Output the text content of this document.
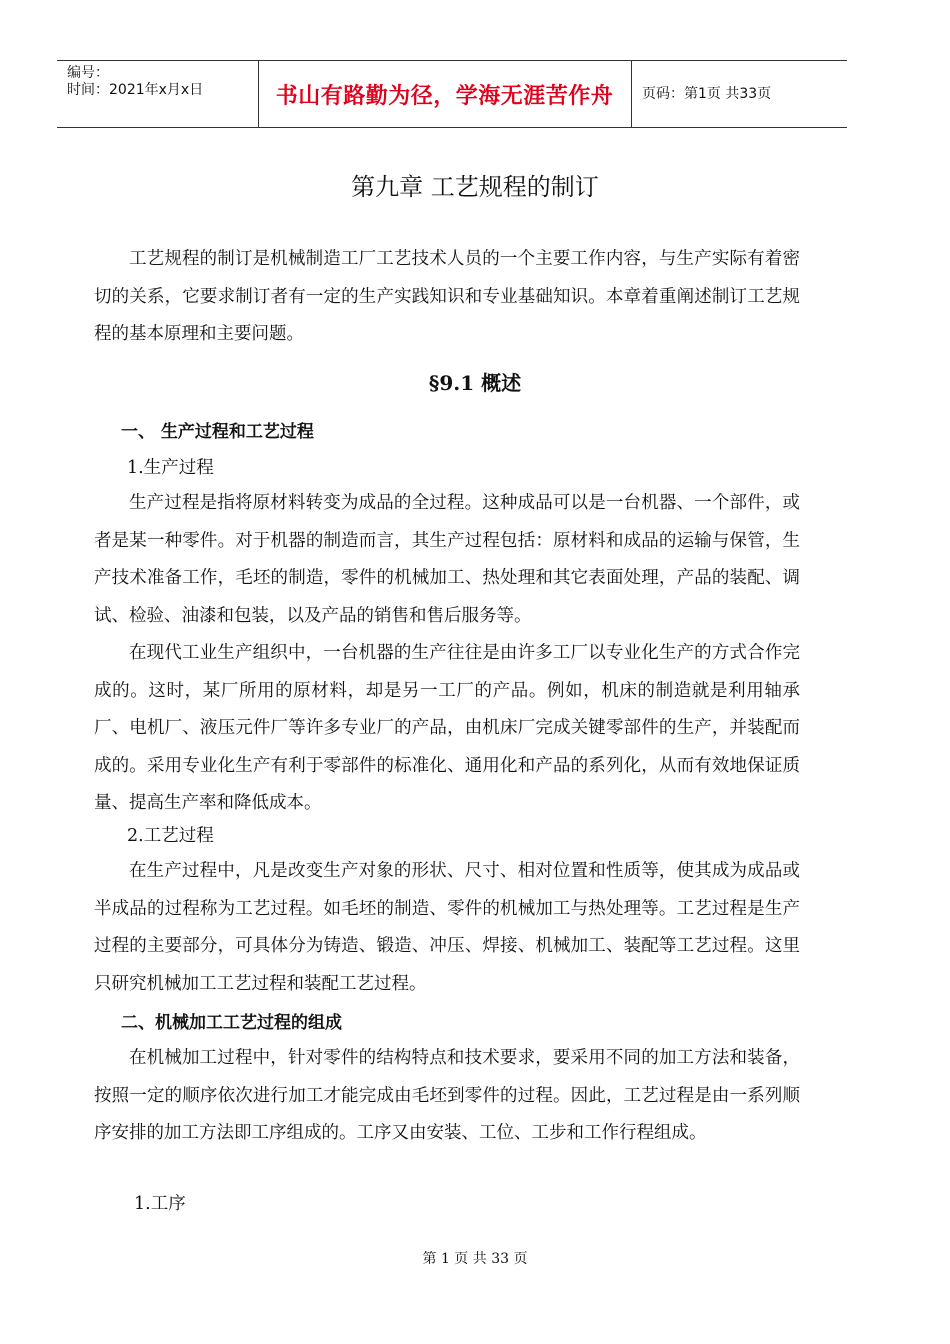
编号：
时间：2021年x月x日	书山有路勤为径，学海无涯苦作舟	页码：第1页 共33页
第九章 工艺规程的制订
工艺规程的制订是机械制造工厂工艺技术人员的一个主要工作内容，与生产实际有着密切的关系，它要求制订者有一定的生产实践知识和专业基础知识。本章着重阐述制订工艺规程的基本原理和主要问题。
§9.1 概述
一、 生产过程和工艺过程
1.生产过程
生产过程是指将原材料转变为成品的全过程。这种成品可以是一台机器、一个部件，或者是某一种零件。对于机器的制造而言，其生产过程包括：原材料和成品的运输与保管，生产技术准备工作，毛坯的制造，零件的机械加工、热处理和其它表面处理，产品的装配、调试、检验、油漆和包装，以及产品的销售和售后服务等。
在现代工业生产组织中，一台机器的生产往往是由许多工厂以专业化生产的方式合作完成的。这时，某厂所用的原材料，却是另一工厂的产品。例如，机床的制造就是利用轴承厂、电机厂、液压元件厂等许多专业厂的产品，由机床厂完成关键零部件的生产，并装配而成的。采用专业化生产有利于零部件的标准化、通用化和产品的系列化，从而有效地保证质量、提高生产率和降低成本。
2.工艺过程
在生产过程中，凡是改变生产对象的形状、尺寸、相对位置和性质等，使其成为成品或半成品的过程称为工艺过程。如毛坯的制造、零件的机械加工与热处理等。工艺过程是生产过程的主要部分，可具体分为铸造、锻造、冲压、焊接、机械加工、装配等工艺过程。这里只研究机械加工工艺过程和装配工艺过程。
二、机械加工工艺过程的组成
在机械加工过程中，针对零件的结构特点和技术要求，要采用不同的加工方法和装备，按照一定的顺序依次进行加工才能完成由毛坯到零件的过程。因此，工艺过程是由一系列顺序安排的加工方法即工序组成的。工序又由安装、工位、工步和工作行程组成。
1.工序
第 1 页 共 33 页
